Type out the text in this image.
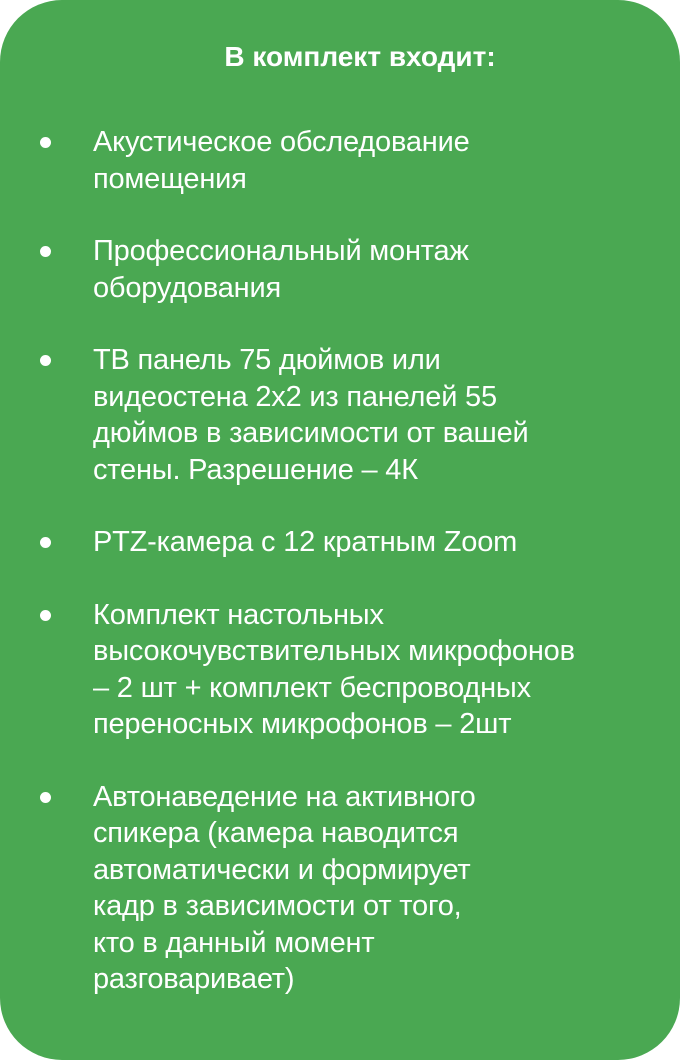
В комплект входит:
Акустическое обследование
помещения
Профессиональный монтаж
оборудования
ТВ панель 75 дюймов или
видеостена 2х2 из панелей 55
дюймов в зависимости от вашей
стены. Разрешение – 4К
PTZ-камера с 12 кратным Zoom
Комплект настольных
высокочувствительных микрофонов
– 2 шт + комплект беспроводных
переносных микрофонов – 2шт
Автонаведение на активного
спикера (камера наводится
автоматически и формирует
кадр в зависимости от того,
кто в данный момент
разговаривает)
